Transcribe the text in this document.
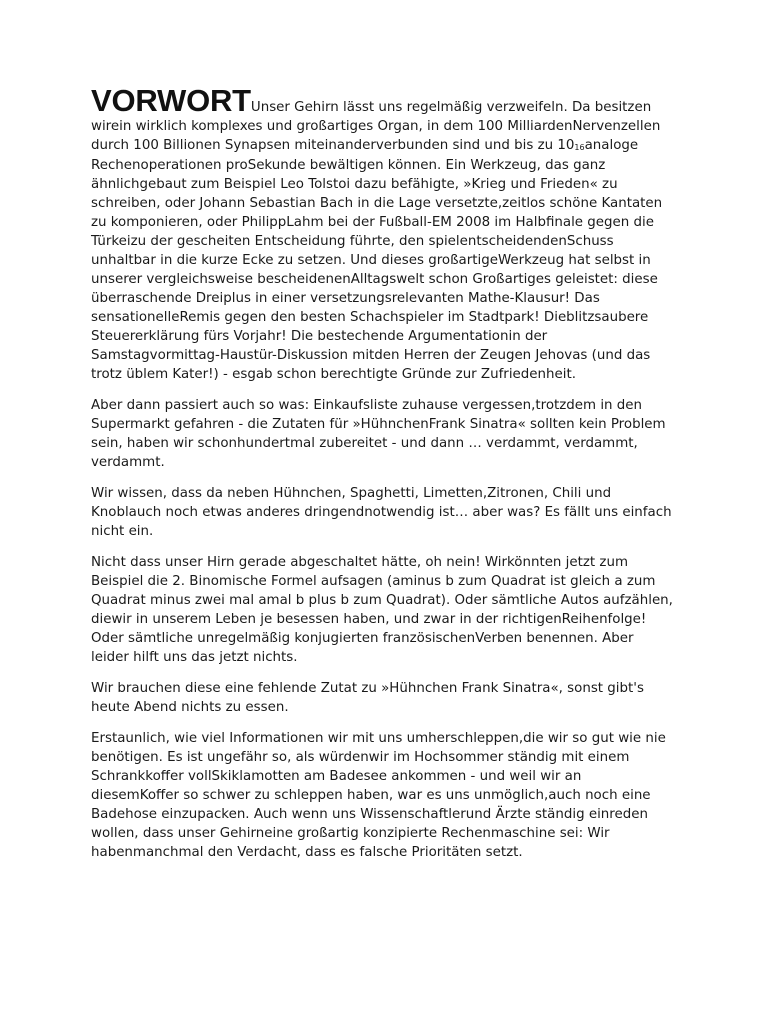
VORWORTUnser Gehirn lässt uns regelmäßig verzweifeln. Da besitzen wirein wirklich komplexes und großartiges Organ, in dem 100 MilliardenNervenzellen durch 100 Billionen Synapsen miteinanderverbunden sind und bis zu 1016analoge Rechenoperationen proSekunde bewältigen können. Ein Werkzeug, das ganz ähnlichgebaut zum Beispiel Leo Tolstoi dazu befähigte, »Krieg und Frieden« zu schreiben, oder Johann Sebastian Bach in die Lage versetzte,zeitlos schöne Kantaten zu komponieren, oder PhilippLahm bei der Fußball-EM 2008 im Halbfinale gegen die Türkeizu der gescheiten Entscheidung führte, den spielentscheidendenSchuss unhaltbar in die kurze Ecke zu setzen. Und dieses großartigeWerkzeug hat selbst in unserer vergleichsweise bescheidenenAlltagswelt schon Großartiges geleistet: diese überraschende Dreiplus in einer versetzungsrelevanten Mathe-Klausur! Das sensationelleRemis gegen den besten Schachspieler im Stadtpark! Dieblitzsaubere Steuererklärung fürs Vorjahr! Die bestechende Argumentationin der Samstagvormittag-Haustür-Diskussion mitden Herren der Zeugen Jehovas (und das trotz üblem Kater!) - esgab schon berechtigte Gründe zur Zufriedenheit.

Aber dann passiert auch so was: Einkaufsliste zuhause vergessen,trotzdem in den Supermarkt gefahren - die Zutaten für »HühnchenFrank Sinatra« sollten kein Problem sein, haben wir schonhundertmal zubereitet - und dann … verdammt, verdammt, verdammt.

Wir wissen, dass da neben Hühnchen, Spaghetti, Limetten,Zitronen, Chili und Knoblauch noch etwas anderes dringendnotwendig ist… aber was? Es fällt uns einfach nicht ein.

Nicht dass unser Hirn gerade abgeschaltet hätte, oh nein! Wirkönnten jetzt zum Beispiel die 2. Binomische Formel aufsagen (aminus b zum Quadrat ist gleich a zum Quadrat minus zwei mal amal b plus b zum Quadrat). Oder sämtliche Autos aufzählen, diewir in unserem Leben je besessen haben, und zwar in der richtigenReihenfolge! Oder sämtliche unregelmäßig konjugierten französischenVerben benennen. Aber leider hilft uns das jetzt nichts.

Wir brauchen diese eine fehlende Zutat zu »Hühnchen Frank Sinatra«, sonst gibt's heute Abend nichts zu essen.

Erstaunlich, wie viel Informationen wir mit uns umherschleppen,die wir so gut wie nie benötigen. Es ist ungefähr so, als würdenwir im Hochsommer ständig mit einem Schrankkoffer vollSkiklamotten am Badesee ankommen - und weil wir an diesemKoffer so schwer zu schleppen haben, war es uns unmöglich,auch noch eine Badehose einzupacken. Auch wenn uns Wissenschaftlerund Ärzte ständig einreden wollen, dass unser Gehirneine großartig konzipierte Rechenmaschine sei: Wir habenmanchmal den Verdacht, dass es falsche Prioritäten setzt.
